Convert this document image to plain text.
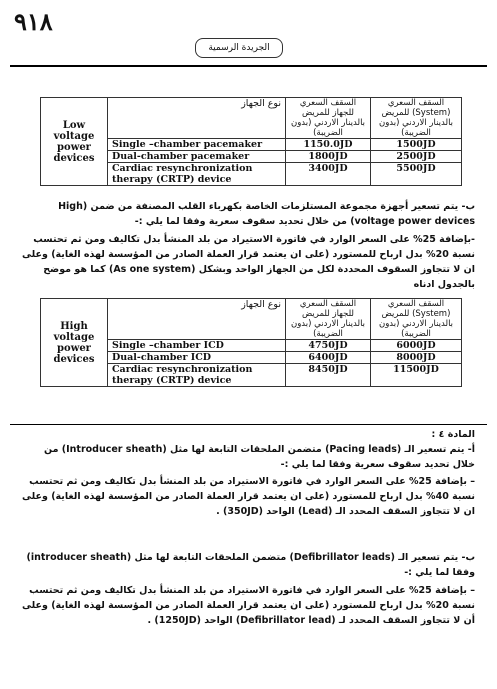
٩١٨
الجريدة الرسمية
Low voltage power devices	نوع الجهاز	السقف السعري للجهاز للمريض بالدينار الاردني (بدون الضريبة)	السقف السعري (System) للمريض بالدينار الاردني (بدون الضريبة)
	Single –chamber pacemaker	1150.0JD	1500JD
	Dual-chamber pacemaker	1800JD	2500JD
	Cardiac resynchronization therapy (CRTP) device	3400JD	5500JD

ب- يتم تسعير أجهزة مجموعة المستلزمات الخاصة بكهرباء القلب المصنفة من ضمن (High voltage power devices) من خلال تحديد سقوف سعرية وفقا لما يلي :-

-بإضافة 25% على السعر الوارد في فاتورة الاستيراد من بلد المنشأ بدل تكاليف ومن ثم تحتسب نسبة 20% بدل ارباح للمستورد (على ان يعتمد قرار العملة الصادر من المؤسسة لهذه الغاية) وعلى ان لا تتجاوز السقوف المحددة لكل من الجهاز الواحد وبشكل (As one system) كما هو موضح بالجدول ادناه

High voltage power devices	نوع الجهاز	السقف السعري للجهاز للمريض بالدينار الاردني (بدون الضريبة)	السقف السعري (System) للمريض بالدينار الاردني (بدون الضريبة)
	Single –chamber ICD	4750JD	6000JD
	Dual-chamber ICD	6400JD	8000JD
	Cardiac resynchronization therapy (CRTP) device	8450JD	11500JD
المادة ٤ :

أ- يتم تسعير الـ (Pacing leads) متضمن الملحقات التابعة لها مثل (Introducer sheath) من خلال تحديد سقوف سعرية وفقا لما يلي :-

– بإضافة 25% على السعر الوارد في فاتورة الاستيراد من بلد المنشأ بدل تكاليف ومن ثم تحتسب نسبة 40% بدل ارباح للمستورد (على ان يعتمد قرار العملة الصادر من المؤسسة لهذه الغاية) وعلى ان لا تتجاوز السقف المحدد الـ (Lead) الواحد (350JD) .

ب- يتم تسعير الـ (Defibrillator leads) متضمن الملحقات التابعة لها مثل (introducer sheath) وفقا لما يلي :-

– بإضافة 25% على السعر الوارد في فاتورة الاستيراد من بلد المنشأ بدل تكاليف ومن ثم تحتسب نسبة 20% بدل ارباح للمستورد (على ان يعتمد قرار العملة الصادر من المؤسسة لهذه الغاية) وعلى أن لا تتجاوز السقف المحدد لـ (Defibrillator lead) الواحد (1250JD) .
